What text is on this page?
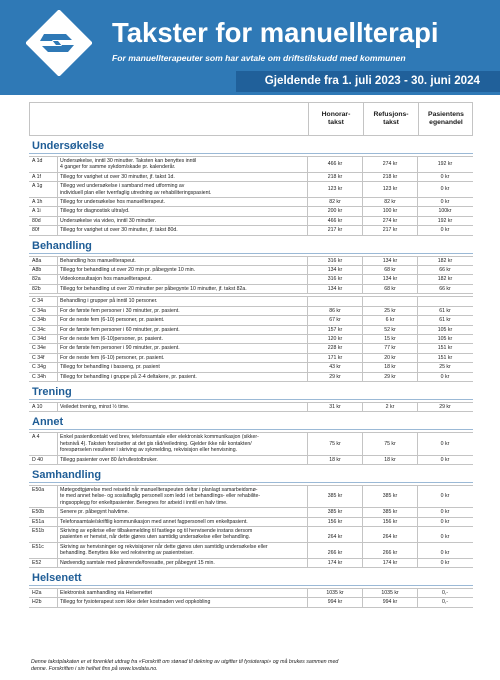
Takster for manuellterapi
For manuellterapeuter som har avtale om driftstilskudd med kommunen
Gjeldende fra 1. juli 2023 - 30. juni 2024
Honorar-
takst
Refusjons-
takst
Pasientens
egenandel
Undersøkelse
A 1d	Undersøkelse, inntil 30 minutter. Taksten kan benyttes inntil
4 ganger for samme sykdom/skade pr. kalenderår.
466 kr	274 kr	192 kr
A 1f	Tillegg for varighet ut over 30 minutter, jf. takst 1d.	218 kr	218 kr	0 kr
A 1g	Tillegg ved undersøkelse i samband med utforming av
individuell plan eller tverrfaglig utredning av rehabiliteringspasient.
123 kr	123 kr	0 kr
A 1h	Tillegg for undersøkelse hos manuellterapeut.	82 kr	82 kr	0 kr
A 1i	Tillegg for diagnostisk ultralyd.	200 kr	100 kr	100kr
80d	Undersøkelse via video, inntil 30 minutter.	466 kr	274 kr	192 kr
80f	Tillegg for varighet ut over 30 minutter, jf. takst 80d.	217 kr	217 kr	0 kr
Behandling
A8a	Behandling hos manuellterapeut.	316 kr	134 kr	182 kr
A8b	Tillegg for behandling ut over 20 min pr. påbegynte 10 min.	134 kr	68 kr	66 kr
82a	Videokonsultasjon hos manuellterapeut.	316 kr	134 kr	182 kr
82b	Tillegg for behandling ut over 20 minutter per påbegynte 10 minutter, jf. takst 82a.	134 kr	68 kr	66 kr
C 34	Behandling i grupper på inntil 10 personer.
C 34a	For de første fem personer i 30 minutter, pr. pasient.	86 kr	25 kr	61 kr
C 34b	For de neste fem (6-10) personer, pr. pasient.	67 kr	6 kr	61 kr
C 34c	For de første fem personer i 60 minutter, pr. pasient.	157 kr	52 kr	105 kr
C 34d	For de neste fem (6-10)personer, pr. pasient.	120 kr	15 kr	105 kr
C 34e	For de første fem personer i 90 minutter, pr. pasient.	228 kr	77 kr	151 kr
C 34f	For de neste fem (6-10) personer, pr. pasient.	171 kr	20 kr	151 kr
C 34g	Tillegg for behandling i basseng, pr. pasient	43 kr	18 kr	25 kr
C 34h	Tillegg for behandling i gruppe på 2-4 deltakere, pr. pasient.	29 kr	29 kr	0 kr
Trening
A 10	Veiledet trening, minst ½ time.	31 kr	2 kr	29 kr
Annet
A 4	Enkel pasientkontakt ved brev, telefonsamtale eller elektronisk kommunikasjon (sikker-
hetsnivå 4). Taksten forutsetter at det gis råd/veiledning. Gjelder ikke når kontakten/
forespørselen resulterer i skriving av sykmelding, rekvisisjon eller henvisning.
75 kr	75 kr	0 kr
D 40	Tillegg pasienter over 80 år/rullestolbruker.	18 kr	18 kr	0 kr
Samhandling
E50a	Møtegodtgjørelse med reisetid når manuellterapeuten deltar i planlagt samarbeidsmø-
te med annet helse- og sosialfaglig personell som ledd i et behandlings- eller rehabilite-
ringsopplegg for enkeltpasienter. Beregnes for arbeid i inntil en halv time.
385 kr	385 kr	0 kr
E50b	Senere pr. påbegynt halvtime.	385 kr	385 kr	0 kr
E51a	Telefonsamtale/skriftlig kommunikasjon med annet fagpersonell om enkeltpasient.	156 kr	156 kr	0 kr
E51b	Skriving av epikrise eller tilbakemelding til fastlege og til henvisende instans dersom
pasienten er henvist, når dette gjøres uten samtidig undersøkelse eller behandling.	264 kr	264 kr	0 kr
E51c	Skriving av henvisninger og rekvisisjoner når dette gjøres uten samtidig undersøkelse eller
behandling. Benyttes ikke ved rekvirering av pasientreiser.	266 kr	266 kr	0 kr
E52	Nødvendig samtale med pårørende/foresatte, per påbegynt 15 min.	174 kr	174 kr	0 kr
Helsenett
H2a	Elektronisk samhandling via Helsenettet	1035 kr	1035 kr	0,-
H2b	Tillegg for fysioterapeut som ikke deler kostnaden ved oppkobling	994 kr	994 kr	0,-
Denne takstplakaten er et forenklet utdrag fra «Forskrift om stønad til dekning av utgifter til fysioterapi» og må brukes sammen med
denne. Forskriften i sin helhet fins på www.lovdata.no.
